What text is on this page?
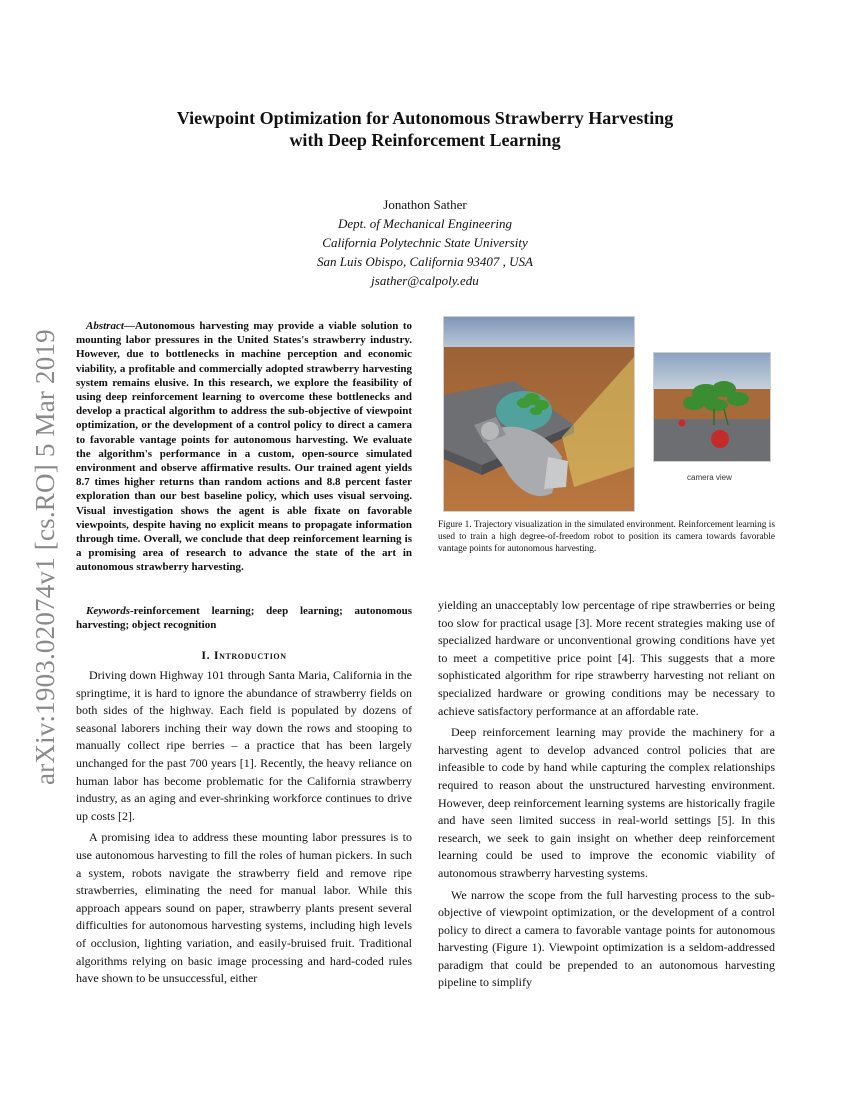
arXiv:1903.02074v1 [cs.RO] 5 Mar 2019
Viewpoint Optimization for Autonomous Strawberry Harvesting
with Deep Reinforcement Learning
Jonathon Sather
Dept. of Mechanical Engineering
California Polytechnic State University
San Luis Obispo, California 93407 , USA
jsather@calpoly.edu

Abstract—Autonomous harvesting may provide a viable solution to mounting labor pressures in the United States's strawberry industry. However, due to bottlenecks in machine perception and economic viability, a profitable and commercially adopted strawberry harvesting system remains elusive. In this research, we explore the feasibility of using deep reinforcement learning to overcome these bottlenecks and develop a practical algorithm to address the sub-objective of viewpoint optimization, or the development of a control policy to direct a camera to favorable vantage points for autonomous harvesting. We evaluate the algorithm's performance in a custom, open-source simulated environment and observe affirmative results. Our trained agent yields 8.7 times higher returns than random actions and 8.8 percent faster exploration than our best baseline policy, which uses visual servoing. Visual investigation shows the agent is able fixate on favorable viewpoints, despite having no explicit means to propagate information through time. Overall, we conclude that deep reinforcement learning is a promising area of research to advance the state of the art in autonomous strawberry harvesting.

Keywords-reinforcement learning; deep learning; autonomous harvesting; object recognition

I. Introduction

Driving down Highway 101 through Santa Maria, California in the springtime, it is hard to ignore the abundance of strawberry fields on both sides of the highway. Each field is populated by dozens of seasonal laborers inching their way down the rows and stooping to manually collect ripe berries – a practice that has been largely unchanged for the past 700 years [1]. Recently, the heavy reliance on human labor has become problematic for the California strawberry industry, as an aging and ever-shrinking workforce continues to drive up costs [2].

A promising idea to address these mounting labor pressures is to use autonomous harvesting to fill the roles of human pickers. In such a system, robots navigate the strawberry field and remove ripe strawberries, eliminating the need for manual labor. While this approach appears sound on paper, strawberry plants present several difficulties for autonomous harvesting systems, including high levels of occlusion, lighting variation, and easily-bruised fruit. Traditional algorithms relying on basic image processing and hard-coded rules have shown to be unsuccessful, either

camera view

Figure 1. Trajectory visualization in the simulated environment. Reinforcement learning is used to train a high degree-of-freedom robot to position its camera towards favorable vantage points for autonomous harvesting.

yielding an unacceptably low percentage of ripe strawberries or being too slow for practical usage [3]. More recent strategies making use of specialized hardware or unconventional growing conditions have yet to meet a competitive price point [4]. This suggests that a more sophisticated algorithm for ripe strawberry harvesting not reliant on specialized hardware or growing conditions may be necessary to achieve satisfactory performance at an affordable rate.

Deep reinforcement learning may provide the machinery for a harvesting agent to develop advanced control policies that are infeasible to code by hand while capturing the complex relationships required to reason about the unstructured harvesting environment. However, deep reinforcement learning systems are historically fragile and have seen limited success in real-world settings [5]. In this research, we seek to gain insight on whether deep reinforcement learning could be used to improve the economic viability of autonomous strawberry harvesting systems.

We narrow the scope from the full harvesting process to the sub-objective of viewpoint optimization, or the development of a control policy to direct a camera to favorable vantage points for autonomous harvesting (Figure 1). Viewpoint optimization is a seldom-addressed paradigm that could be prepended to an autonomous harvesting pipeline to simplify
